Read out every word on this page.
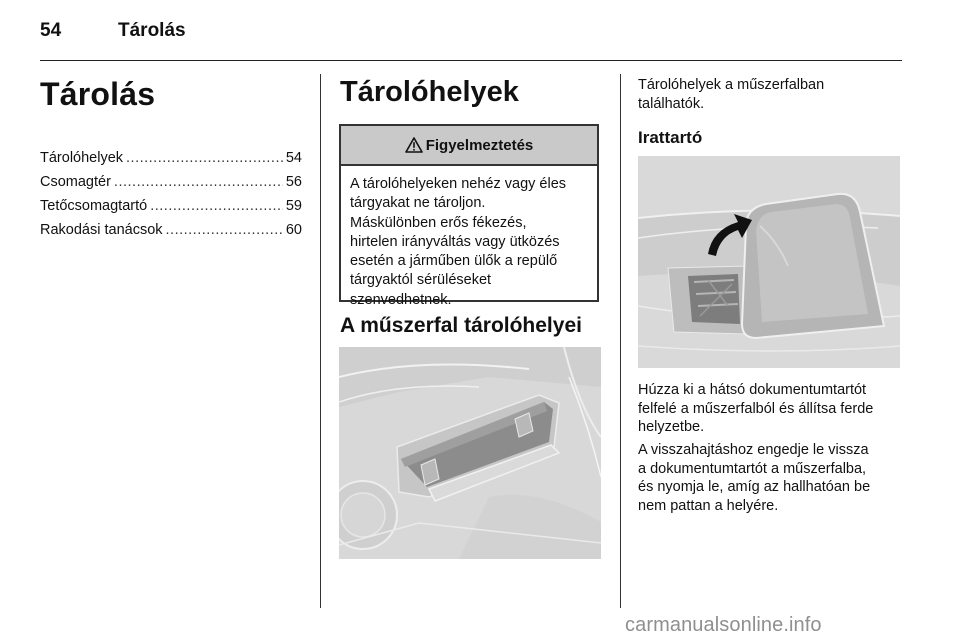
54	Tárolás
Tárolás
Tárolóhelyek .....	54
Csomagtér .....	56
Tetőcsomagtartó .....	59
Rakodási tanácsok .....	60
Tárolóhelyek
Figyelmeztetés
A tárolóhelyeken nehéz vagy éles
tárgyakat ne tároljon.
Máskülönben erős fékezés,
hirtelen irányváltás vagy ütközés
esetén a járműben ülők a repülő
tárgyaktól sérüléseket
szenvedhetnek.
A műszerfal tárolóhelyei
Tárolóhelyek a műszerfalban
találhatók.
Irattartó
Húzza ki a hátsó dokumentumtartót
felfelé a műszerfalból és állítsa ferde
helyzetbe.
A visszahajtáshoz engedje le vissza
a dokumentumtartót a műszerfalba,
és nyomja le, amíg az hallhatóan be
nem pattan a helyére.
carmanualsonline.info
